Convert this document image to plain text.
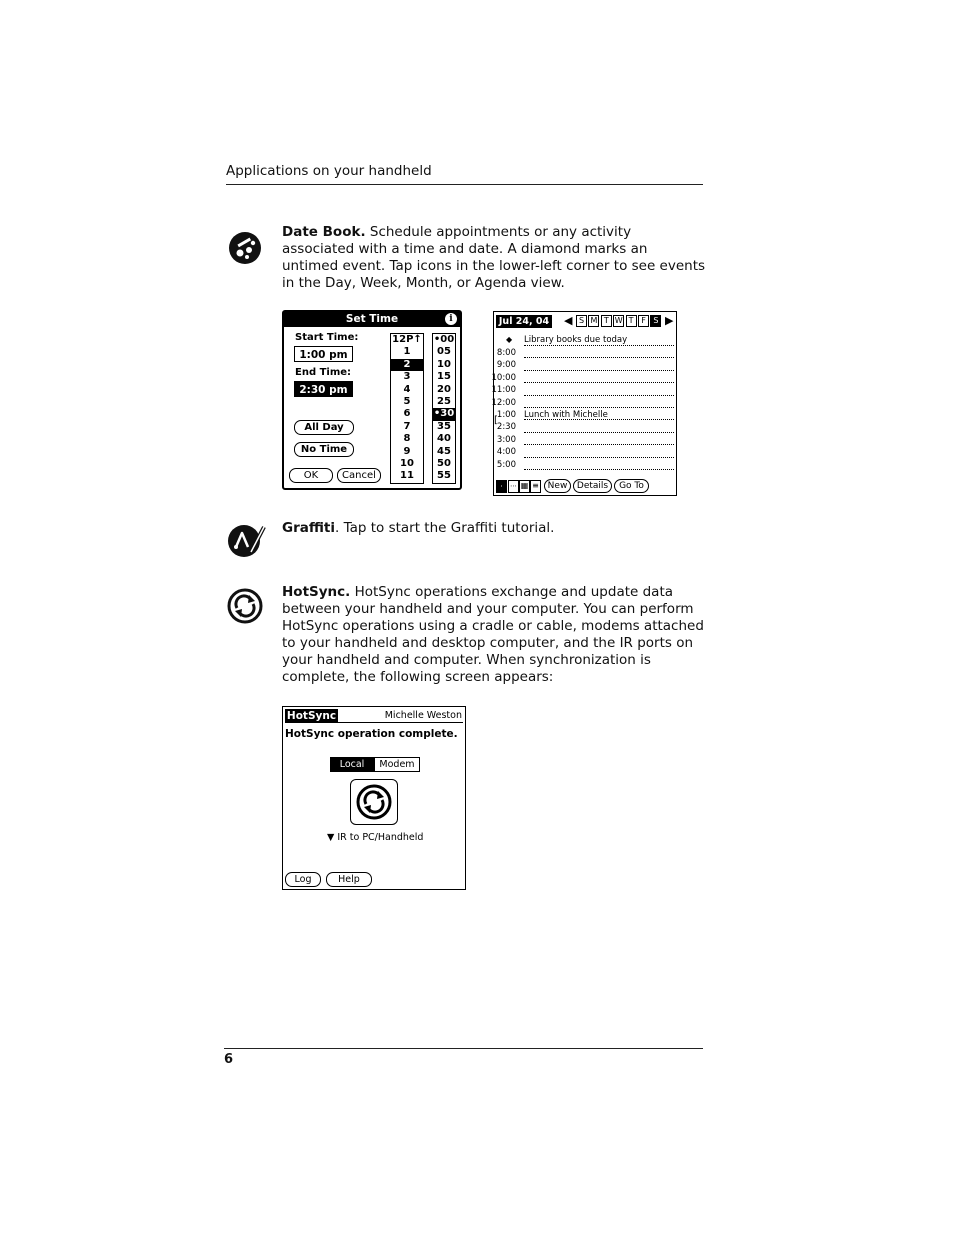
Applications on your handheld
Date Book. Schedule appointments or any activity associated with a time and date. A diamond marks an untimed event. Tap icons in the lower-left corner to see events in the Day, Week, Month, or Agenda view.
Set Time	i
Start Time:
1:00 pm
End Time:
2:30 pm
All Day
No Time
OK	Cancel
12P↑
1
2
3
4
5
6
7
8
9
10
11
•00
05
10
15
20
25
•30
35
40
45
50
55
Jul 24, 04 ◀ S M T W T F S ▶
◆ Library books due today
8:00
9:00
10:00
11:00
12:00
1:00 Lunch with Michelle
2:30
3:00
4:00
5:00
[
·	⋯ ▦ ≡ New	Details	Go To
Graffiti. Tap to start the Graffiti tutorial.
HotSync. HotSync operations exchange and update data between your handheld and your computer. You can perform HotSync operations using a cradle or cable, modems attached to your handheld and desktop computer, and the IR ports on your handheld and computer. When synchronization is complete, the following screen appears:
HotSync	Michelle Weston
HotSync operation complete.
Local	Modem
▼ IR to PC/Handheld
Log	Help
6
